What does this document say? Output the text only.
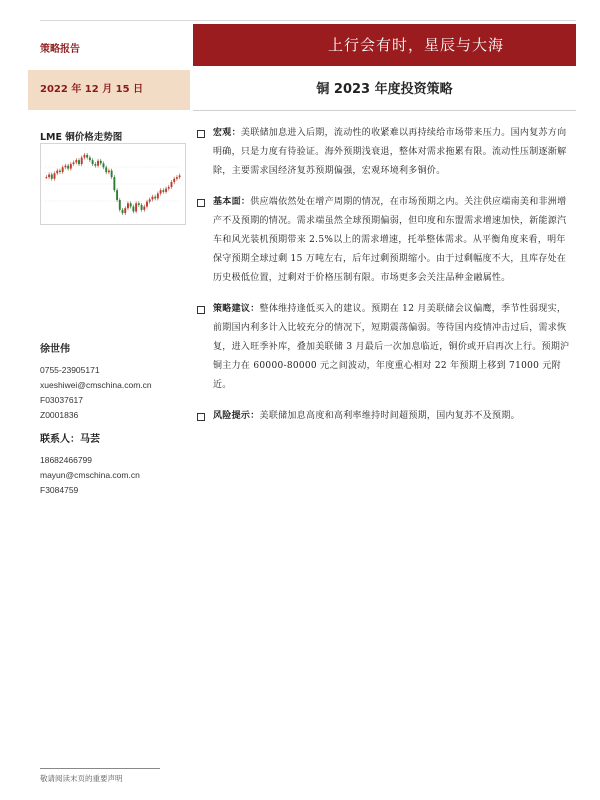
策略报告	上行会有时，星辰与大海
2022 年 12 月 15 日	铜 2023 年度投资策略
LME 铜价格走势图
徐世伟
0755-23905171
xueshiwei@cmschina.com.cn
F03037617
Z0001836
联系人：马芸
18682466799
mayun@cmschina.com.cn
F3084759

宏观：美联储加息进入后期，流动性的收紧难以再持续给市场带来压力。国内复苏方向明确，只是力度有待验证。海外预期浅衰退，整体对需求拖累有限。流动性压制逐渐解除，主要需求国经济复苏预期偏强，宏观环境利多铜价。

基本面：供应端依然处在增产周期的情况，在市场预期之内。关注供应端南美和非洲增产不及预期的情况。需求端虽然全球预期偏弱，但印度和东盟需求增速加快，新能源汽车和风光装机预期带来 2.5%以上的需求增速，托举整体需求。从平衡角度来看，明年保守预期全球过剩 15 万吨左右，后年过剩预期缩小。由于过剩幅度不大，且库存处在历史极低位置，过剩对于价格压制有限。市场更多会关注品种金融属性。

策略建议：整体维持逢低买入的建议。预期在 12 月美联储会议偏鹰，季节性弱现实，前期国内利多计入比较充分的情况下，短期震荡偏弱。等待国内疫情冲击过后，需求恢复，进入旺季补库，叠加美联储 3 月最后一次加息临近，铜价或开启再次上行。预期沪铜主力在 60000-80000 元之间波动，年度重心相对 22 年预期上移到 71000 元附近。

风险提示：美联储加息高度和高利率维持时间超预期，国内复苏不及预期。

敬请阅读末页的重要声明
